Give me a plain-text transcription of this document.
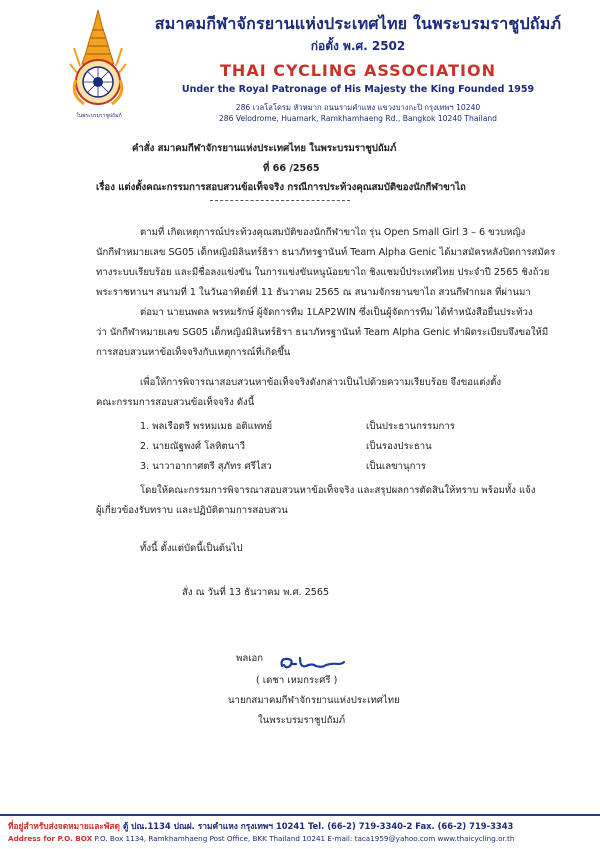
ในพระบรมราชูปถัมภ์
สมาคมกีฬาจักรยานแห่งประเทศไทย ในพระบรมราชูปถัมภ์
ก่อตั้ง พ.ศ. 2502
THAI CYCLING ASSOCIATION
Under the Royal Patronage of His Majesty the King Founded 1959
286 เวลโลโดรม หัวหมาก ถนนรามคำแหง แขวงบางกะปิ กรุงเทพฯ 10240
286 Velodrome, Huamark, Ramkhamhaeng Rd., Bangkok 10240 Thailand
คำสั่ง สมาคมกีฬาจักรยานแห่งประเทศไทย ในพระบรมราชูปถัมภ์
ที่ 66 /2565
เรื่อง แต่งตั้งคณะกรรมการสอบสวนข้อเท็จจริง กรณีการประท้วงคุณสมบัติของนักกีฬาขาไถ
ตามที่ เกิดเหตุการณ์ประท้วงคุณสมบัติของนักกีฬาขาไถ รุ่น Open Small Girl 3 – 6 ขวบหญิง
นักกีฬาหมายเลข SG05 เด็กหญิงมิลินทร์ธิรา ธนาภัทรฐานันท์ Team Alpha Genic ได้มาสมัครหลังปิดการสมัคร
ทางระบบเรียบร้อย และมีชื่อลงแข่งขัน ในการแข่งขันหนูน้อยขาไถ ชิงแชมป์ประเทศไทย ประจำปี 2565 ชิงถ้วย
พระราชทานฯ สนามที่ 1 ในวันอาทิตย์ที่ 11 ธันวาคม 2565 ณ สนามจักรยานขาไถ สวนกีฬากมล ที่ผ่านมา
ต่อมา นายนพดล พรหมรักษ์ ผู้จัดการทีม 1LAP2WIN ซึ่งเป็นผู้จัดการทีม ได้ทำหนังสือยื่นประท้วง
ว่า นักกีฬาหมายเลข SG05 เด็กหญิงมิลินทร์ธิรา ธนาภัทรฐานันท์ Team Alpha Genic ทำผิดระเบียบจึงขอให้มี
การสอบสวนหาข้อเท็จจริงกับเหตุการณ์ที่เกิดขึ้น
เพื่อให้การพิจารณาสอบสวนหาข้อเท็จจริงดังกล่าวเป็นไปด้วยความเรียบร้อย จึงขอแต่งตั้ง
คณะกรรมการสอบสวนข้อเท็จจริง ดังนี้
1. พลเรือตรี พรหมเมธ อติแพทย์	เป็นประธานกรรมการ
2. นายณัฐพงศ์ โลหิตนาวี	เป็นรองประธาน
3. นาวาอากาศตรี สุภัทร ศรีไสว	เป็นเลขานุการ
โดยให้คณะกรรมการพิจารณาสอบสวนหาข้อเท็จจริง และสรุปผลการตัดสินให้ทราบ พร้อมทั้ง แจ้ง
ผู้เกี่ยวข้องรับทราบ และปฏิบัติตามการสอบสวน
ทั้งนี้ ตั้งแต่บัดนี้เป็นต้นไป
สั่ง ณ วันที่ 13 ธันวาคม พ.ศ. 2565
พลเอก
( เดชา เหมกระศรี )
นายกสมาคมกีฬาจักรยานแห่งประเทศไทย
ในพระบรมราชูปถัมภ์
ที่อยู่สำหรับส่งจดหมายและพัสดุ ตู้ ปณ.1134 ปณฝ. รามคำแหง กรุงเทพฯ 10241 Tel. (66-2) 719-3340-2 Fax. (66-2) 719-3343
Address for P.O. BOX P.O. Box 1134, Ramkhamhaeng Post Office, BKK Thailand 10241 E-mail: taca1959@yahoo.com www.thaicycling.or.th
